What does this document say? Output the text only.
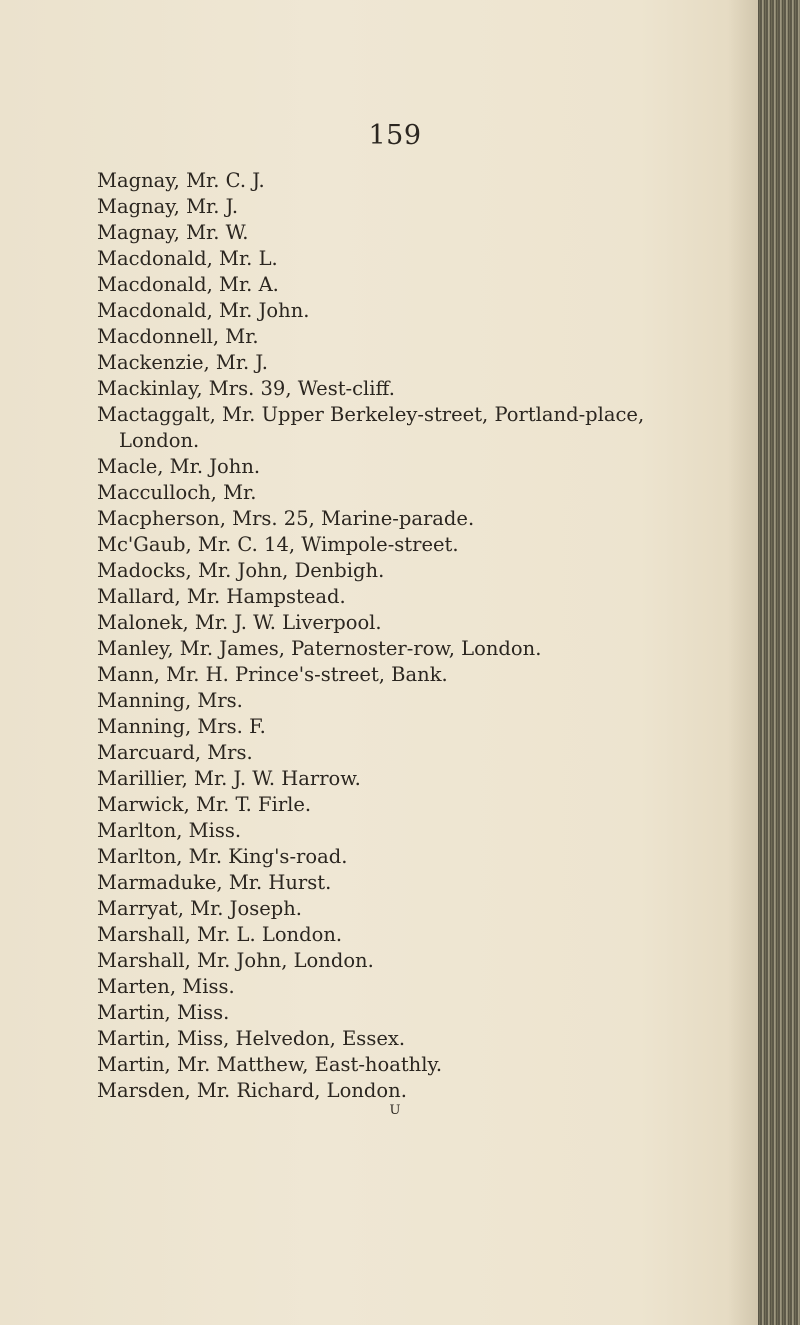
159
Magnay, Mr. C. J.
Magnay, Mr. J.
Magnay, Mr. W.
Macdonald, Mr. L.
Macdonald, Mr. A.
Macdonald, Mr. John.
Macdonnell, Mr.
Mackenzie, Mr. J.
Mackinlay, Mrs. 39, West-cliff.
Mactaggalt, Mr. Upper Berkeley-street, Portland-place,
London.
Macle, Mr. John.
Macculloch, Mr.
Macpherson, Mrs. 25, Marine-parade.
Mc'Gaub, Mr. C. 14, Wimpole-street.
Madocks, Mr. John, Denbigh.
Mallard, Mr. Hampstead.
Malonek, Mr. J. W. Liverpool.
Manley, Mr. James, Paternoster-row, London.
Mann, Mr. H. Prince's-street, Bank.
Manning, Mrs.
Manning, Mrs. F.
Marcuard, Mrs.
Marillier, Mr. J. W. Harrow.
Marwick, Mr. T. Firle.
Marlton, Miss.
Marlton, Mr. King's-road.
Marmaduke, Mr. Hurst.
Marryat, Mr. Joseph.
Marshall, Mr. L. London.
Marshall, Mr. John, London.
Marten, Miss.
Martin, Miss.
Martin, Miss, Helvedon, Essex.
Martin, Mr. Matthew, East-hoathly.
Marsden, Mr. Richard, London.
U
